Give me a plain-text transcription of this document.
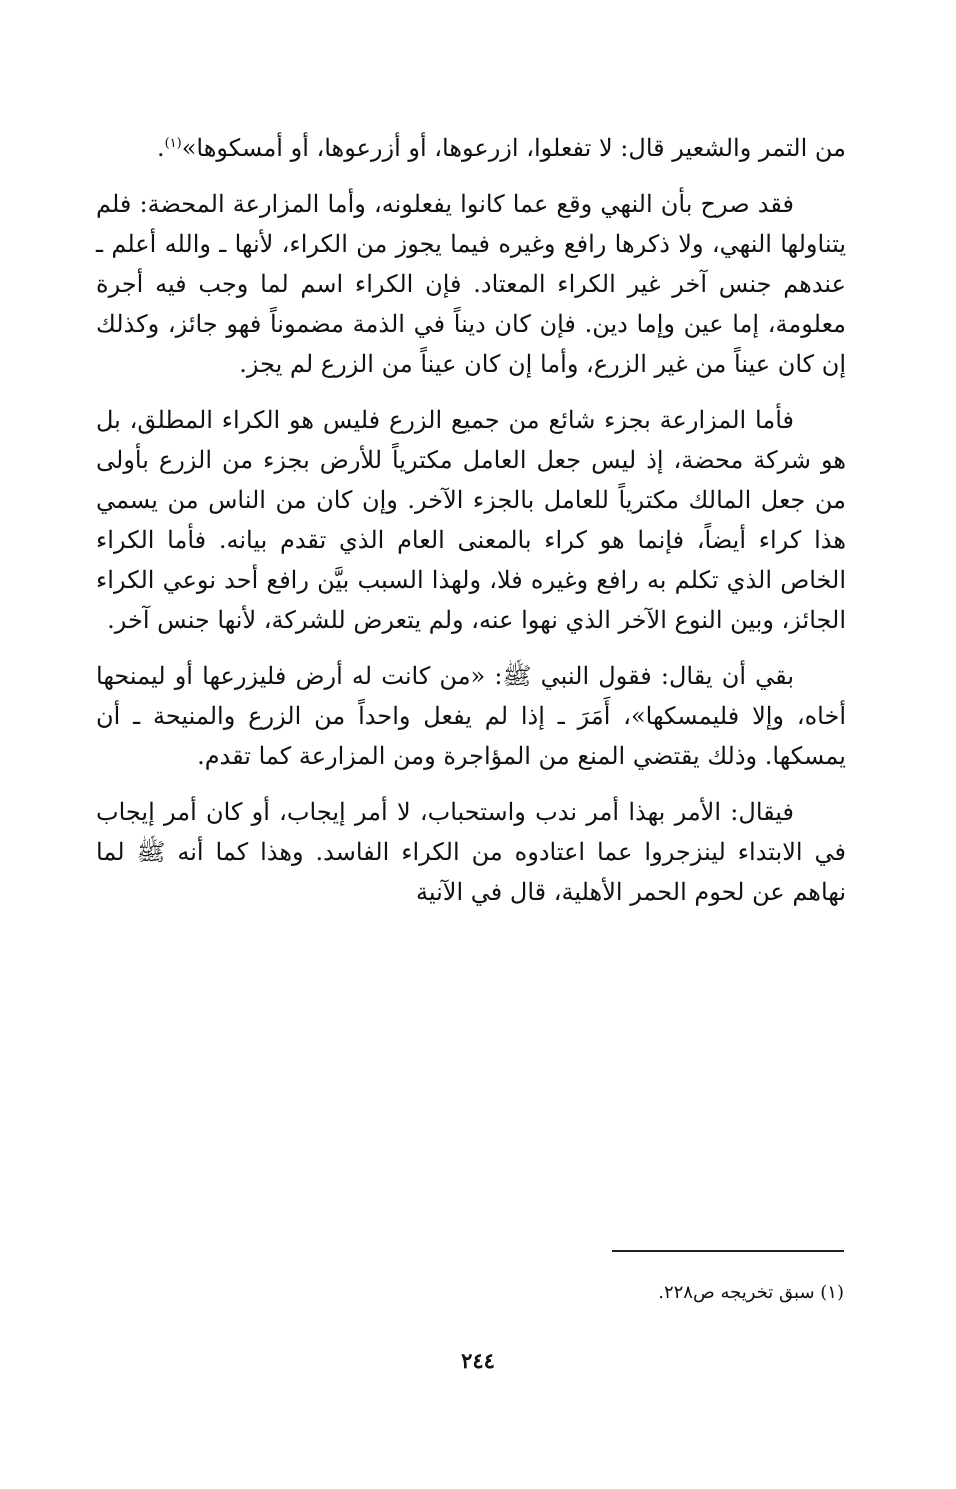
من التمر والشعير قال: لا تفعلوا، ازرعوها، أو أزرعوها، أو أمسكوها»$^{(١)}$.

فقد صرح بأن النهي وقع عما كانوا يفعلونه، وأما المزارعة المحضة: فلم يتناولها النهي، ولا ذكرها رافع وغيره فيما يجوز من الكراء، لأنها ـ والله أعلم ـ عندهم جنس آخر غير الكراء المعتاد. فإن الكراء اسم لما وجب فيه أجرة معلومة، إما عين وإما دين. فإن كان ديناً في الذمة مضموناً فهو جائز، وكذلك إن كان عيناً من غير الزرع، وأما إن كان عيناً من الزرع لم يجز.

فأما المزارعة بجزء شائع من جميع الزرع فليس هو الكراء المطلق، بل هو شركة محضة، إذ ليس جعل العامل مكترياً للأرض بجزء من الزرع بأولى من جعل المالك مكترياً للعامل بالجزء الآخر. وإن كان من الناس من يسمي هذا كراء أيضاً، فإنما هو كراء بالمعنى العام الذي تقدم بيانه. فأما الكراء الخاص الذي تكلم به رافع وغيره فلا، ولهذا السبب بيَّن رافع أحد نوعي الكراء الجائز، وبين النوع الآخر الذي نهوا عنه، ولم يتعرض للشركة، لأنها جنس آخر.

بقي أن يقال: فقول النبي ﷺ: «من كانت له أرض فليزرعها أو ليمنحها أخاه، وإلا فليمسكها»، أَمَرَ ـ إذا لم يفعل واحداً من الزرع والمنيحة ـ أن يمسكها. وذلك يقتضي المنع من المؤاجرة ومن المزارعة كما تقدم.

فيقال: الأمر بهذا أمر ندب واستحباب، لا أمر إيجاب، أو كان أمر إيجاب في الابتداء لينزجروا عما اعتادوه من الكراء الفاسد. وهذا كما أنه ﷺ لما نهاهم عن لحوم الحمر الأهلية، قال في الآنية

(١) سبق تخريجه ص٢٢٨.
٢٤٤
